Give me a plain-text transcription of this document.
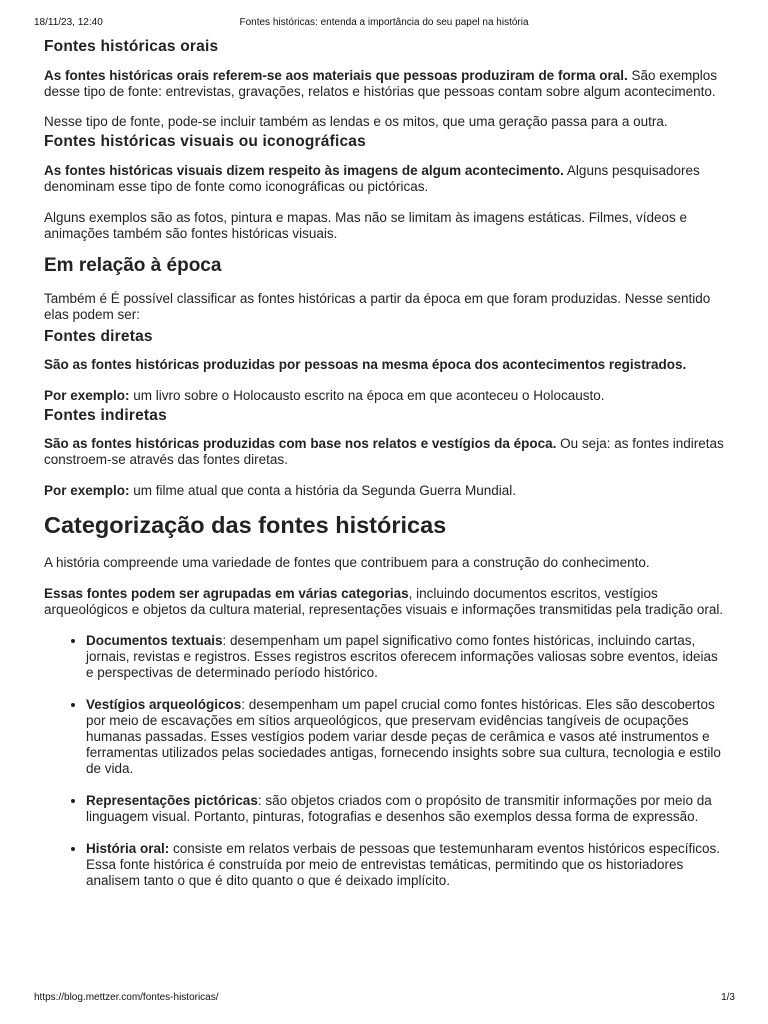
18/11/23, 12:40	Fontes históricas: entenda a importância do seu papel na história
Fontes históricas orais

As fontes históricas orais referem-se aos materiais que pessoas produziram de forma oral. São exemplos desse tipo de fonte: entrevistas, gravações, relatos e histórias que pessoas contam sobre algum acontecimento.

Nesse tipo de fonte, pode-se incluir também as lendas e os mitos, que uma geração passa para a outra.

Fontes históricas visuais ou iconográficas

As fontes históricas visuais dizem respeito às imagens de algum acontecimento. Alguns pesquisadores denominam esse tipo de fonte como iconográficas ou pictóricas.

Alguns exemplos são as fotos, pintura e mapas. Mas não se limitam às imagens estáticas. Filmes, vídeos e animações também são fontes históricas visuais.

Em relação à época

Também é É possível classificar as fontes históricas a partir da época em que foram produzidas. Nesse sentido elas podem ser:

Fontes diretas

São as fontes históricas produzidas por pessoas na mesma época dos acontecimentos registrados.

Por exemplo: um livro sobre o Holocausto escrito na época em que aconteceu o Holocausto.

Fontes indiretas

São as fontes históricas produzidas com base nos relatos e vestígios da época. Ou seja: as fontes indiretas constroem-se através das fontes diretas.

Por exemplo: um filme atual que conta a história da Segunda Guerra Mundial.

Categorização das fontes históricas

A história compreende uma variedade de fontes que contribuem para a construção do conhecimento.

Essas fontes podem ser agrupadas em várias categorias, incluindo documentos escritos, vestígios arqueológicos e objetos da cultura material, representações visuais e informações transmitidas pela tradição oral.

• Documentos textuais: desempenham um papel significativo como fontes históricas, incluindo cartas, jornais, revistas e registros. Esses registros escritos oferecem informações valiosas sobre eventos, ideias e perspectivas de determinado período histórico.
• Vestígios arqueológicos: desempenham um papel crucial como fontes históricas. Eles são descobertos por meio de escavações em sítios arqueológicos, que preservam evidências tangíveis de ocupações humanas passadas. Esses vestígios podem variar desde peças de cerâmica e vasos até instrumentos e ferramentas utilizados pelas sociedades antigas, fornecendo insights sobre sua cultura, tecnologia e estilo de vida.
• Representações pictóricas: são objetos criados com o propósito de transmitir informações por meio da linguagem visual. Portanto, pinturas, fotografias e desenhos são exemplos dessa forma de expressão.
• História oral: consiste em relatos verbais de pessoas que testemunharam eventos históricos específicos. Essa fonte histórica é construída por meio de entrevistas temáticas, permitindo que os historiadores analisem tanto o que é dito quanto o que é deixado implícito.
https://blog.mettzer.com/fontes-historicas/	1/3
